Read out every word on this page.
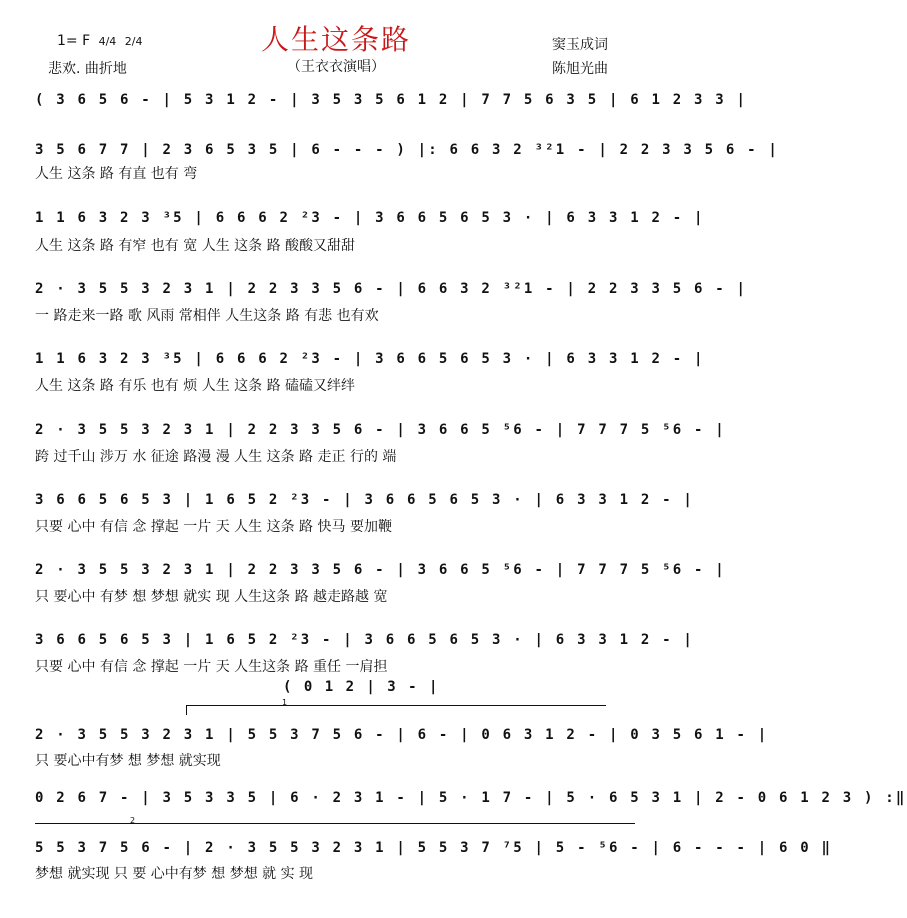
人生这条路
（王衣衣演唱）
1= F 4/4 2/4
悲欢. 曲折地
窦玉成词
陈旭光曲
( 3 6 5 6 - | 5 3 1 2 - | 3 5 3 5 6 1 2 | 7 7 5 6 3 5 | 6 1 2 3 3 |
3 5 6 7 7 | 2 3 6 5 3 5 | 6 - - - ) |: 6 6 3 2 ³²1 - | 2 2 3 3 5 6 - |
人生 这条 路 有直 也有 弯
1 1 6 3 2 3 ³5 | 6 6 6 2 ²3 - | 3 6 6 5 6 5 3 · | 6 3 3 1 2 - |
人生 这条 路 有窄 也有 宽 人生 这条 路 酸酸又甜甜
2 · 3 5 5 3 2 3 1 | 2 2 3 3 5 6 - | 6 6 3 2 ³²1 - | 2 2 3 3 5 6 - |
一 路走来一路 歌 风雨 常相伴 人生这条 路 有悲 也有欢
1 1 6 3 2 3 ³5 | 6 6 6 2 ²3 - | 3 6 6 5 6 5 3 · | 6 3 3 1 2 - |
人生 这条 路 有乐 也有 烦 人生 这条 路 磕磕又绊绊
2 · 3 5 5 3 2 3 1 | 2 2 3 3 5 6 - | 3 6 6 5 ⁵6 - | 7 7 7 5 ⁵6 - |
跨 过千山 涉万 水 征途 路漫 漫 人生 这条 路 走正 行的 端
3 6 6 5 6 5 3 | 1 6 5 2 ²3 - | 3 6 6 5 6 5 3 · | 6 3 3 1 2 - |
只要 心中 有信 念 撑起 一片 天 人生 这条 路 快马 要加鞭
2 · 3 5 5 3 2 3 1 | 2 2 3 3 5 6 - | 3 6 6 5 ⁵6 - | 7 7 7 5 ⁵6 - |
只 要心中 有梦 想 梦想 就实 现 人生这条 路 越走路越 宽
3 6 6 5 6 5 3 | 1 6 5 2 ²3 - | 3 6 6 5 6 5 3 · | 6 3 3 1 2 - |
只要 心中 有信 念 撑起 一片 天 人生这条 路 重任 一肩担
( 0 1 2 | 3 - |
1
2 · 3 5 5 3 2 3 1 | 5 5 3 7 5 6 - | 6 - | 0 6 3 1 2 - | 0 3 5 6 1 - |
只 要心中有梦 想 梦想 就实现
0 2 6 7 - | 3 5 3 3 5 | 6 · 2 3 1 - | 5 · 1 7 - | 5 · 6 5 3 1 | 2 - 0 6 1 2 3 ) :‖
2
5 5 3 7 5 6 - | 2 · 3 5 5 3 2 3 1 | 5 5 3 7 ⁷5 | 5 - ⁵6 - | 6 - - - | 6 0 ‖
梦想 就实现 只 要 心中有梦 想 梦想 就 实 现
